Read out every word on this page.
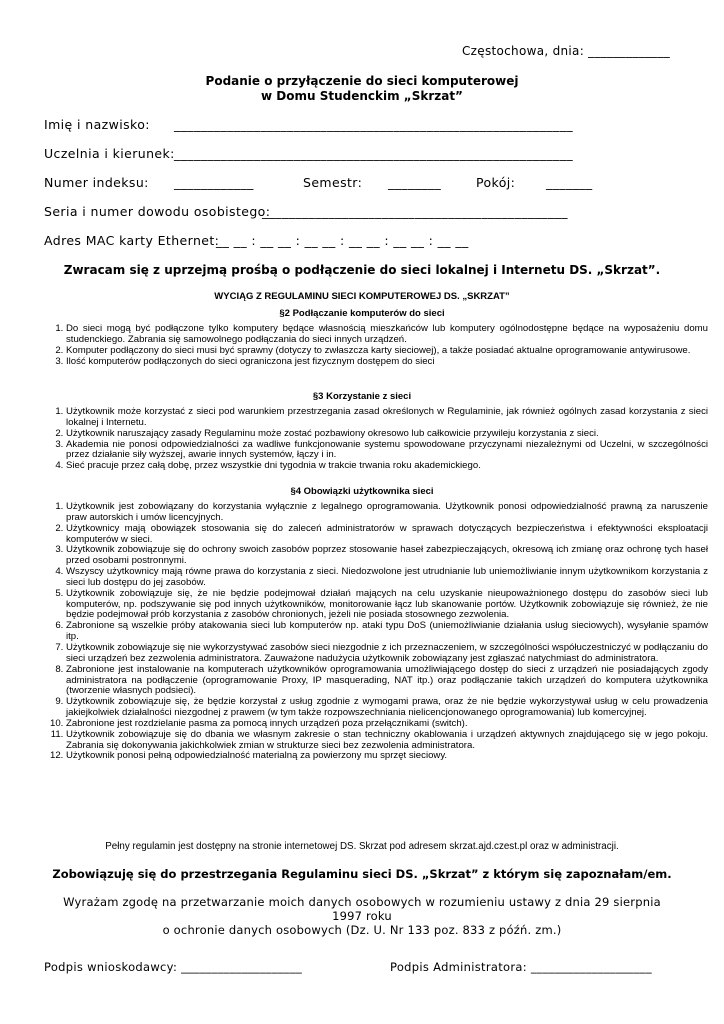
Częstochowa, dnia: _____________
Podanie o przyłączenie do sieci komputerowej
w Domu Studenckim „Skrzat”
Imię i nazwisko: ____________________________________________________________
Uczelnia i kierunek: ____________________________________________________________
Numer indeksu: ____________	Semestr: ________	Pokój: _______
Seria i numer dowodu osobistego:
______________________________________________
Adres MAC karty Ethernet:
__ __ : __ __ : __ __ : __ __ : __ __ : __ __
Zwracam się z uprzejmą prośbą o podłączenie do sieci lokalnej i Internetu DS. „Skrzat”.
WYCIĄG Z REGULAMINU SIECI KOMPUTEROWEJ DS. „SKRZAT”
§2 Podłączanie komputerów do sieci
1. Do sieci mogą być podłączone tylko komputery będące własnością mieszkańców lub komputery ogólnodostępne będące na wyposażeniu domu studenckiego. Zabrania się samowolnego podłączania do sieci innych urządzeń.
2. Komputer podłączony do sieci musi być sprawny (dotyczy to zwłaszcza karty sieciowej), a także posiadać aktualne oprogramowanie antywirusowe.
3. Ilość komputerów podłączonych do sieci ograniczona jest fizycznym dostępem do sieci
§3 Korzystanie z sieci
1. Użytkownik może korzystać z sieci pod warunkiem przestrzegania zasad określonych w Regulaminie, jak również ogólnych zasad korzystania z sieci lokalnej i Internetu.
2. Użytkownik naruszający zasady Regulaminu może zostać pozbawiony okresowo lub całkowicie przywileju korzystania z sieci.
3. Akademia nie ponosi odpowiedzialności za wadliwe funkcjonowanie systemu spowodowane przyczynami niezależnymi od Uczelni, w szczególności przez działanie siły wyższej, awarie innych systemów, łączy i in.
4. Sieć pracuje przez całą dobę, przez wszystkie dni tygodnia w trakcie trwania roku akademickiego.
§4 Obowiązki użytkownika sieci
1. Użytkownik jest zobowiązany do korzystania wyłącznie z legalnego oprogramowania. Użytkownik ponosi odpowiedzialność prawną za naruszenie praw autorskich i umów licencyjnych.
2. Użytkownicy mają obowiązek stosowania się do zaleceń administratorów w sprawach dotyczących bezpieczeństwa i efektywności eksploatacji komputerów w sieci.
3. Użytkownik zobowiązuje się do ochrony swoich zasobów poprzez stosowanie haseł zabezpieczających, okresową ich zmianę oraz ochronę tych haseł przed osobami postronnymi.
4. Wszyscy użytkownicy mają równe prawa do korzystania z sieci. Niedozwolone jest utrudnianie lub uniemożliwianie innym użytkownikom korzystania z sieci lub dostępu do jej zasobów.
5. Użytkownik zobowiązuje się, że nie będzie podejmował działań mających na celu uzyskanie nieupoważnionego dostępu do zasobów sieci lub komputerów, np. podszywanie się pod innych użytkowników, monitorowanie łącz lub skanowanie portów. Użytkownik zobowiązuje się również, że nie będzie podejmował prób korzystania z zasobów chronionych, jeżeli nie posiada stosownego zezwolenia.
6. Zabronione są wszelkie próby atakowania sieci lub komputerów np. ataki typu DoS (uniemożliwianie działania usług sieciowych), wysyłanie spamów itp.
7. Użytkownik zobowiązuje się nie wykorzystywać zasobów sieci niezgodnie z ich przeznaczeniem, w szczególności współuczestniczyć w podłączaniu do sieci urządzeń bez zezwolenia administratora. Zauważone nadużycia użytkownik zobowiązany jest zgłaszać natychmiast do administratora.
8. Zabronione jest instalowanie na komputerach użytkowników oprogramowania umożliwiającego dostęp do sieci z urządzeń nie posiadających zgody administratora na podłączenie (oprogramowanie Proxy, IP masquerading, NAT itp.) oraz podłączanie takich urządzeń do komputera użytkownika (tworzenie własnych podsieci).
9. Użytkownik zobowiązuje się, że będzie korzystał z usług zgodnie z wymogami prawa, oraz że nie będzie wykorzystywał usług w celu prowadzenia jakiejkolwiek działalności niezgodnej z prawem (w tym także rozpowszechniania nielicencjonowanego oprogramowania) lub komercyjnej.
10. Zabronione jest rozdzielanie pasma za pomocą innych urządzeń poza przełącznikami (switch).
11. Użytkownik zobowiązuje się do dbania we własnym zakresie o stan techniczny okablowania i urządzeń aktywnych znajdującego się w jego pokoju. Zabrania się dokonywania jakichkolwiek zmian w strukturze sieci bez zezwolenia administratora.
12. Użytkownik ponosi pełną odpowiedzialność materialną za powierzony mu sprzęt sieciowy.
Pełny regulamin jest dostępny na stronie internetowej DS. Skrzat pod adresem skrzat.ajd.czest.pl oraz w administracji.
Zobowiązuję się do przestrzegania Regulaminu sieci DS. „Skrzat” z którym się zapoznałam/em.
Wyrażam zgodę na przetwarzanie moich danych osobowych w rozumieniu ustawy z dnia 29 sierpnia 1997 roku
o ochronie danych osobowych (Dz. U. Nr 133 poz. 833 z późń. zm.)
Podpis wnioskodawcy: ____________________	Podpis Administratora: ____________________
